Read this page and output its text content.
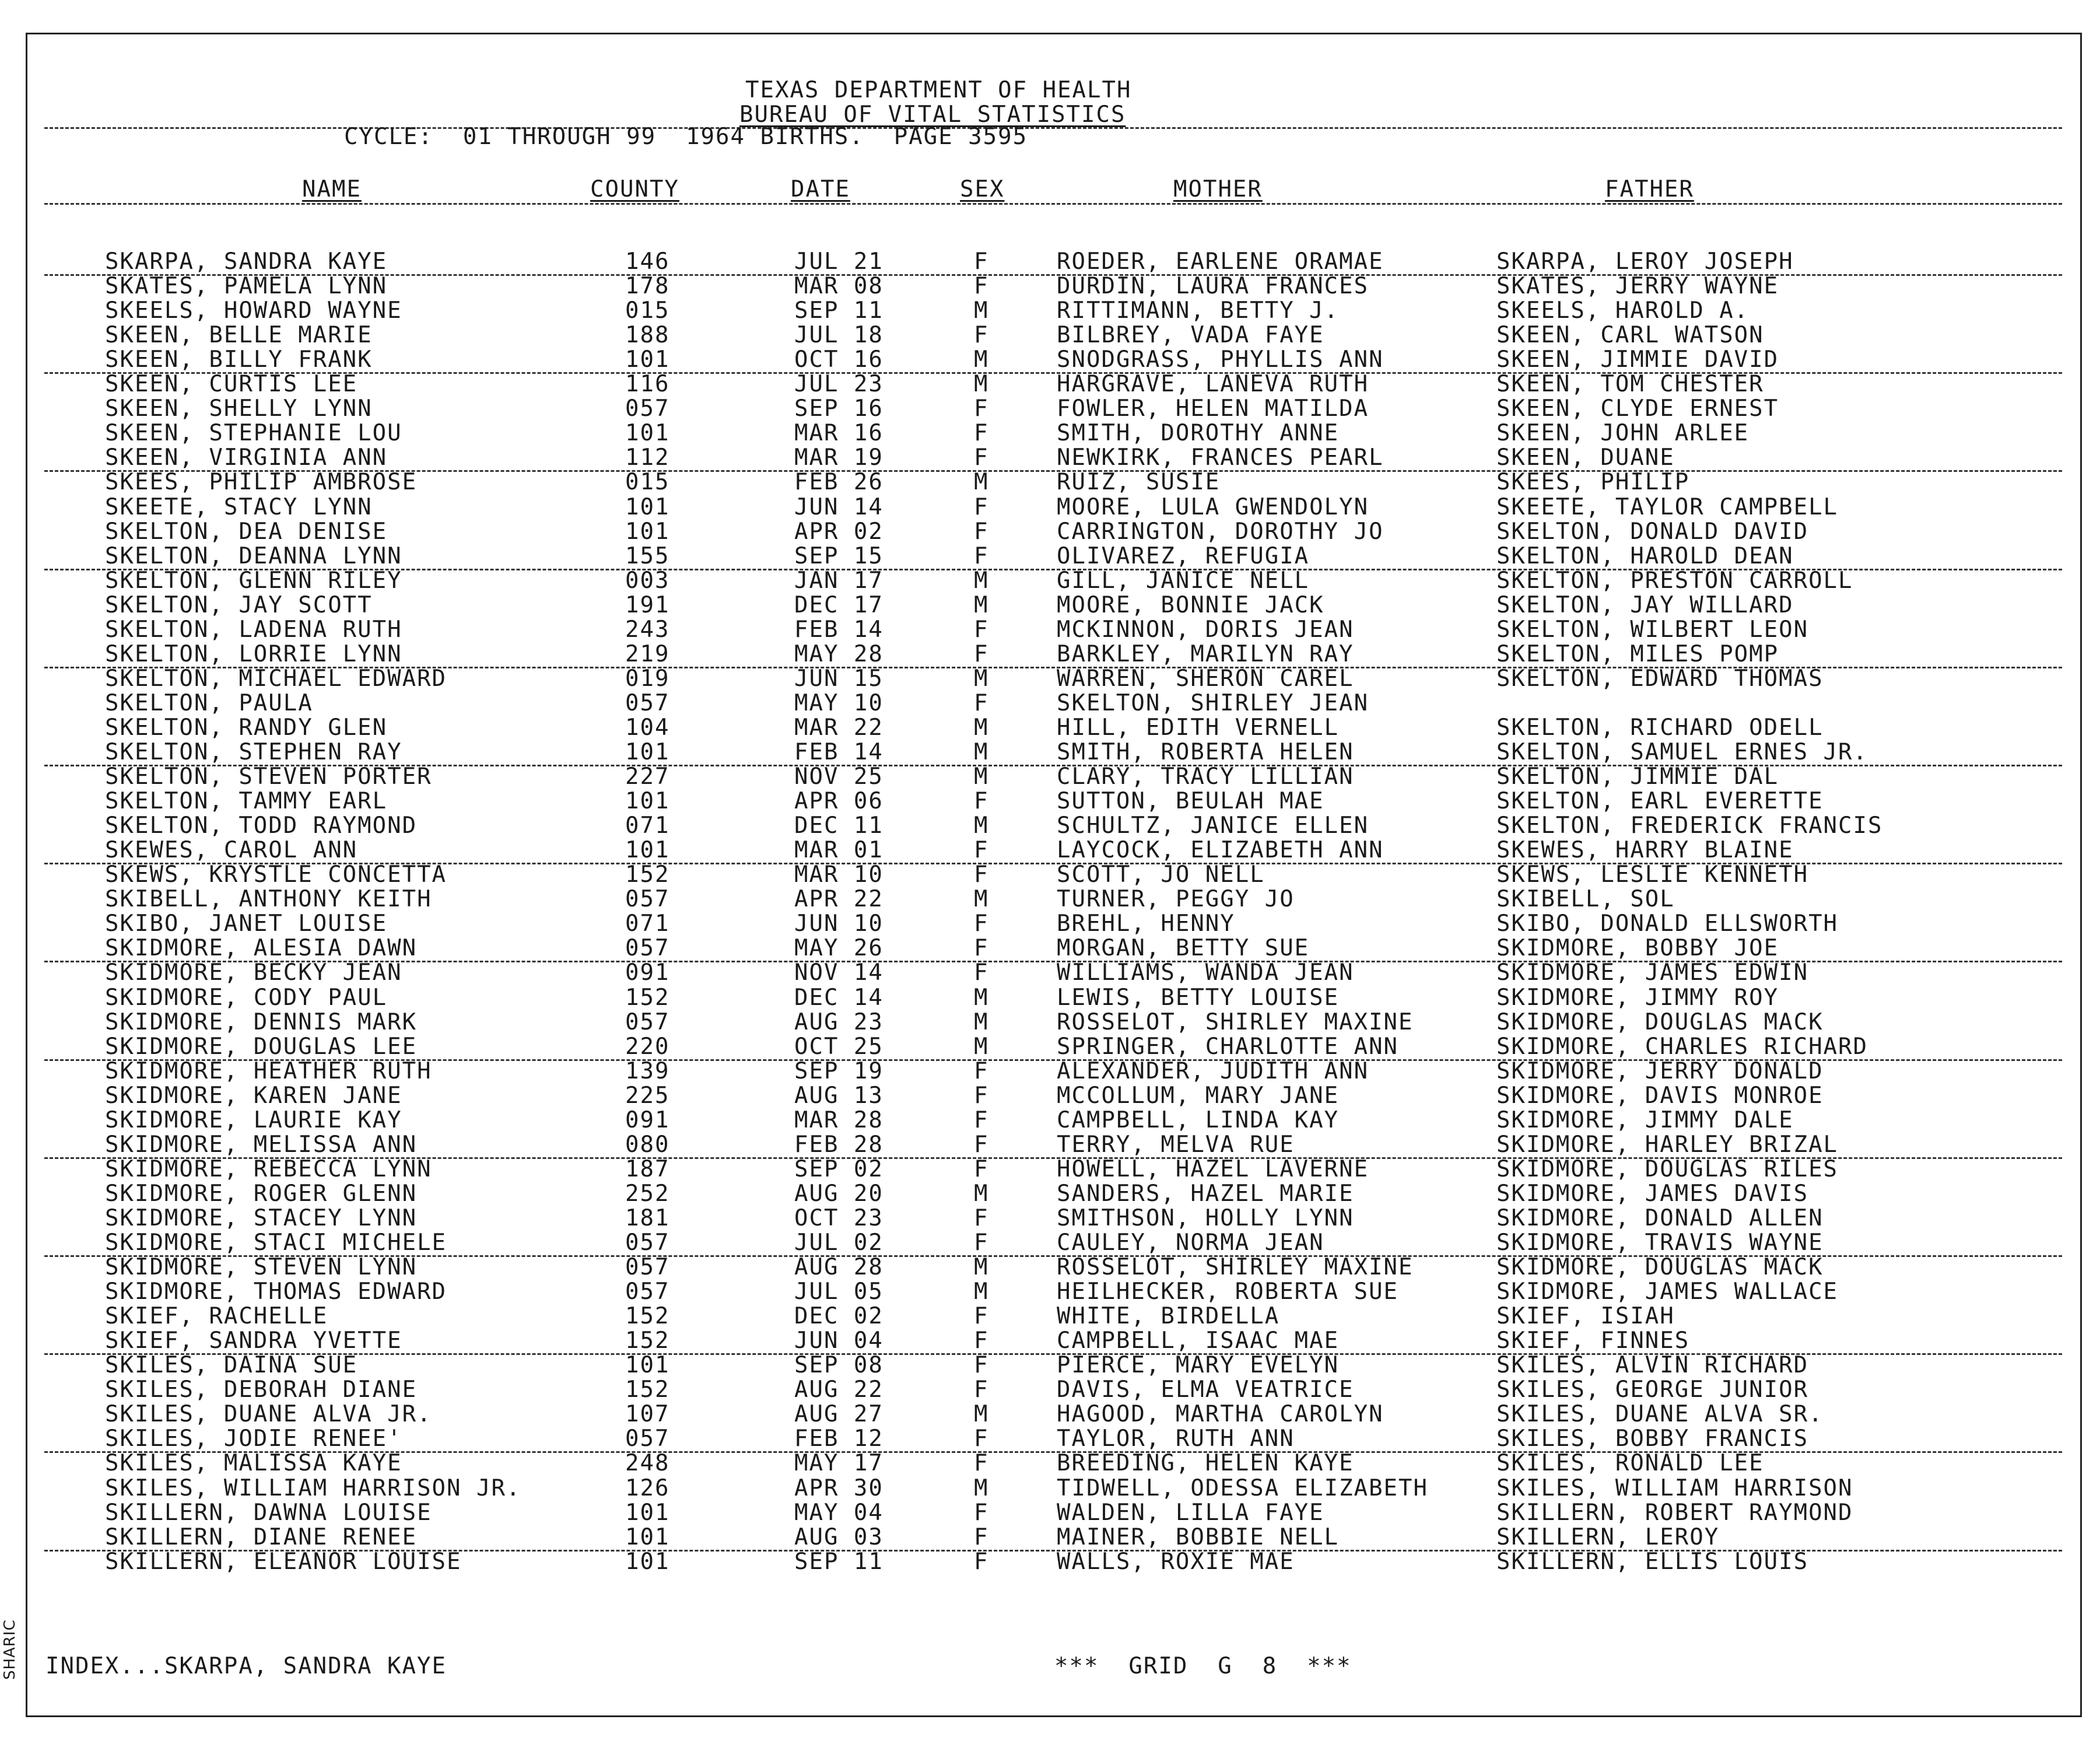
TEXAS DEPARTMENT OF HEALTH
BUREAU OF VITAL STATISTICS
CYCLE:  01 THROUGH 99  1964 BIRTHS.  PAGE 3595
NAME	COUNTY	DATE	SEX	MOTHER	FATHER
SKARPA, SANDRA KAYE	146	JUL 21	F	ROEDER, EARLENE ORAMAE	SKARPA, LEROY JOSEPH
SKATES, PAMELA LYNN	178	MAR 08	F	DURDIN, LAURA FRANCES	SKATES, JERRY WAYNE
SKEELS, HOWARD WAYNE	015	SEP 11	M	RITTIMANN, BETTY J.	SKEELS, HAROLD A.
SKEEN, BELLE MARIE	188	JUL 18	F	BILBREY, VADA FAYE	SKEEN, CARL WATSON
SKEEN, BILLY FRANK	101	OCT 16	M	SNODGRASS, PHYLLIS ANN	SKEEN, JIMMIE DAVID
SKEEN, CURTIS LEE	116	JUL 23	M	HARGRAVE, LANEVA RUTH	SKEEN, TOM CHESTER
SKEEN, SHELLY LYNN	057	SEP 16	F	FOWLER, HELEN MATILDA	SKEEN, CLYDE ERNEST
SKEEN, STEPHANIE LOU	101	MAR 16	F	SMITH, DOROTHY ANNE	SKEEN, JOHN ARLEE
SKEEN, VIRGINIA ANN	112	MAR 19	F	NEWKIRK, FRANCES PEARL	SKEEN, DUANE
SKEES, PHILIP AMBROSE	015	FEB 26	M	RUIZ, SUSIE	SKEES, PHILIP
SKEETE, STACY LYNN	101	JUN 14	F	MOORE, LULA GWENDOLYN	SKEETE, TAYLOR CAMPBELL
SKELTON, DEA DENISE	101	APR 02	F	CARRINGTON, DOROTHY JO	SKELTON, DONALD DAVID
SKELTON, DEANNA LYNN	155	SEP 15	F	OLIVAREZ, REFUGIA	SKELTON, HAROLD DEAN
SKELTON, GLENN RILEY	003	JAN 17	M	GILL, JANICE NELL	SKELTON, PRESTON CARROLL
SKELTON, JAY SCOTT	191	DEC 17	M	MOORE, BONNIE JACK	SKELTON, JAY WILLARD
SKELTON, LADENA RUTH	243	FEB 14	F	MCKINNON, DORIS JEAN	SKELTON, WILBERT LEON
SKELTON, LORRIE LYNN	219	MAY 28	F	BARKLEY, MARILYN RAY	SKELTON, MILES POMP
SKELTON, MICHAEL EDWARD	019	JUN 15	M	WARREN, SHERON CAREL	SKELTON, EDWARD THOMAS
SKELTON, PAULA	057	MAY 10	F	SKELTON, SHIRLEY JEAN
SKELTON, RANDY GLEN	104	MAR 22	M	HILL, EDITH VERNELL	SKELTON, RICHARD ODELL
SKELTON, STEPHEN RAY	101	FEB 14	M	SMITH, ROBERTA HELEN	SKELTON, SAMUEL ERNES JR.
SKELTON, STEVEN PORTER	227	NOV 25	M	CLARY, TRACY LILLIAN	SKELTON, JIMMIE DAL
SKELTON, TAMMY EARL	101	APR 06	F	SUTTON, BEULAH MAE	SKELTON, EARL EVERETTE
SKELTON, TODD RAYMOND	071	DEC 11	M	SCHULTZ, JANICE ELLEN	SKELTON, FREDERICK FRANCIS
SKEWES, CAROL ANN	101	MAR 01	F	LAYCOCK, ELIZABETH ANN	SKEWES, HARRY BLAINE
SKEWS, KRYSTLE CONCETTA	152	MAR 10	F	SCOTT, JO NELL	SKEWS, LESLIE KENNETH
SKIBELL, ANTHONY KEITH	057	APR 22	M	TURNER, PEGGY JO	SKIBELL, SOL
SKIBO, JANET LOUISE	071	JUN 10	F	BREHL, HENNY	SKIBO, DONALD ELLSWORTH
SKIDMORE, ALESIA DAWN	057	MAY 26	F	MORGAN, BETTY SUE	SKIDMORE, BOBBY JOE
SKIDMORE, BECKY JEAN	091	NOV 14	F	WILLIAMS, WANDA JEAN	SKIDMORE, JAMES EDWIN
SKIDMORE, CODY PAUL	152	DEC 14	M	LEWIS, BETTY LOUISE	SKIDMORE, JIMMY ROY
SKIDMORE, DENNIS MARK	057	AUG 23	M	ROSSELOT, SHIRLEY MAXINE	SKIDMORE, DOUGLAS MACK
SKIDMORE, DOUGLAS LEE	220	OCT 25	M	SPRINGER, CHARLOTTE ANN	SKIDMORE, CHARLES RICHARD
SKIDMORE, HEATHER RUTH	139	SEP 19	F	ALEXANDER, JUDITH ANN	SKIDMORE, JERRY DONALD
SKIDMORE, KAREN JANE	225	AUG 13	F	MCCOLLUM, MARY JANE	SKIDMORE, DAVIS MONROE
SKIDMORE, LAURIE KAY	091	MAR 28	F	CAMPBELL, LINDA KAY	SKIDMORE, JIMMY DALE
SKIDMORE, MELISSA ANN	080	FEB 28	F	TERRY, MELVA RUE	SKIDMORE, HARLEY BRIZAL
SKIDMORE, REBECCA LYNN	187	SEP 02	F	HOWELL, HAZEL LAVERNE	SKIDMORE, DOUGLAS RILES
SKIDMORE, ROGER GLENN	252	AUG 20	M	SANDERS, HAZEL MARIE	SKIDMORE, JAMES DAVIS
SKIDMORE, STACEY LYNN	181	OCT 23	F	SMITHSON, HOLLY LYNN	SKIDMORE, DONALD ALLEN
SKIDMORE, STACI MICHELE	057	JUL 02	F	CAULEY, NORMA JEAN	SKIDMORE, TRAVIS WAYNE
SKIDMORE, STEVEN LYNN	057	AUG 28	M	ROSSELOT, SHIRLEY MAXINE	SKIDMORE, DOUGLAS MACK
SKIDMORE, THOMAS EDWARD	057	JUL 05	M	HEILHECKER, ROBERTA SUE	SKIDMORE, JAMES WALLACE
SKIEF, RACHELLE	152	DEC 02	F	WHITE, BIRDELLA	SKIEF, ISIAH
SKIEF, SANDRA YVETTE	152	JUN 04	F	CAMPBELL, ISAAC MAE	SKIEF, FINNES
SKILES, DAINA SUE	101	SEP 08	F	PIERCE, MARY EVELYN	SKILES, ALVIN RICHARD
SKILES, DEBORAH DIANE	152	AUG 22	F	DAVIS, ELMA VEATRICE	SKILES, GEORGE JUNIOR
SKILES, DUANE ALVA JR.	107	AUG 27	M	HAGOOD, MARTHA CAROLYN	SKILES, DUANE ALVA SR.
SKILES, JODIE RENEE'	057	FEB 12	F	TAYLOR, RUTH ANN	SKILES, BOBBY FRANCIS
SKILES, MALISSA KAYE	248	MAY 17	F	BREEDING, HELEN KAYE	SKILES, RONALD LEE
SKILES, WILLIAM HARRISON JR.	126	APR 30	M	TIDWELL, ODESSA ELIZABETH	SKILES, WILLIAM HARRISON
SKILLERN, DAWNA LOUISE	101	MAY 04	F	WALDEN, LILLA FAYE	SKILLERN, ROBERT RAYMOND
SKILLERN, DIANE RENEE	101	AUG 03	F	MAINER, BOBBIE NELL	SKILLERN, LEROY
SKILLERN, ELEANOR LOUISE	101	SEP 11	F	WALLS, ROXIE MAE	SKILLERN, ELLIS LOUIS
INDEX...SKARPA, SANDRA KAYE	***  GRID  G  8  ***
SHARIC
